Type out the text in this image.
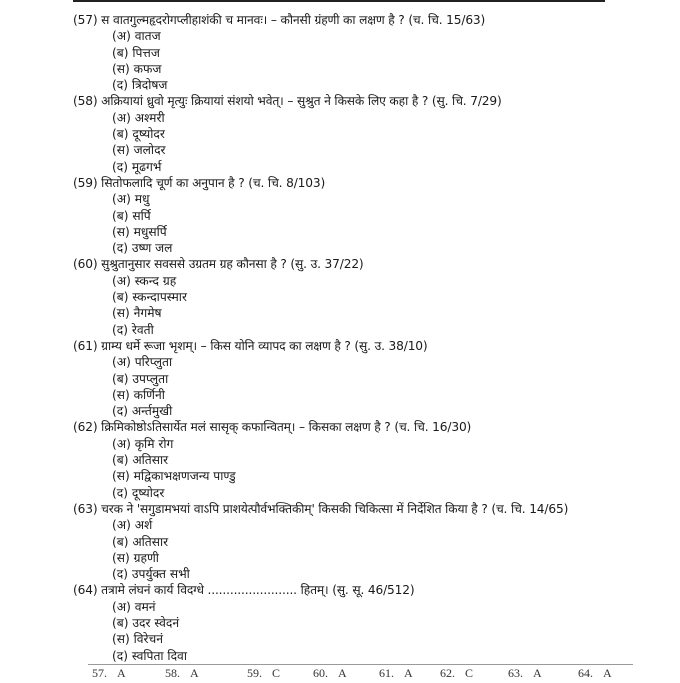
(57) स वातगुल्महृदरोगप्लीहाशंकी च मानवः। – कौनसी ग्रंहणी का लक्षण है ? (च. चि. 15/63)
(अ) वातज
(ब) पित्तज
(स) कफज
(द) त्रिदोषज
(58) अक्रियायां ध्रुवो मृत्युः क्रियायां संशयो भवेत्। – सुश्रुत ने किसके लिए कहा है ? (सु. चि. 7/29)
(अ) अश्मरी
(ब) दूष्योदर
(स) जलोदर
(द) मूढगर्भ
(59) सितोफलादि चूर्ण का अनुपान है ? (च. चि. 8/103)
(अ) मधु
(ब) सर्पि
(स) मधुसर्पि
(द) उष्ण जल
(60) सुश्रुतानुसार सवससे उग्रतम ग्रह कौनसा है ? (सु. उ. 37/22)
(अ) स्कन्द ग्रह
(ब) स्कन्दापस्मार
(स) नैगमेष
(द) रेवती
(61) ग्राम्य धर्मे रूजा भृशम्। – किस योनि व्यापद का लक्षण है ? (सु. उ. 38/10)
(अ) परिप्लुता
(ब) उपप्लुता
(स) कर्णिनी
(द) अर्न्तमुखी
(62) क्रिमिकोष्ठोऽतिसार्येत मलं सासृक् कफान्वितम्। – किसका लक्षण है ? (च. चि. 16/30)
(अ) कृमि रोग
(ब) अतिसार
(स) मद्विकाभक्षणजन्य पाण्डु
(द) दूष्योदर
(63) चरक ने 'सगुडामभयां वाऽपि प्राशयेत्पौर्वभक्तिकीम्' किसकी चिकित्सा में निर्देशित किया है ? (च. चि. 14/65)
(अ) अर्श
(ब) अतिसार
(स) ग्रहणी
(द) उपर्युक्त सभी
(64) तत्रामे लंघनं कार्य विदग्धे ........................ हितम्। (सु. सू. 46/512)
(अ) वमनं
(ब) उदर स्वेदनं
(स) विरेचनं
(द) स्वपिता दिवा
57. A	58. A	59. C	60. A	61. A 62. C	63. A	64. A
